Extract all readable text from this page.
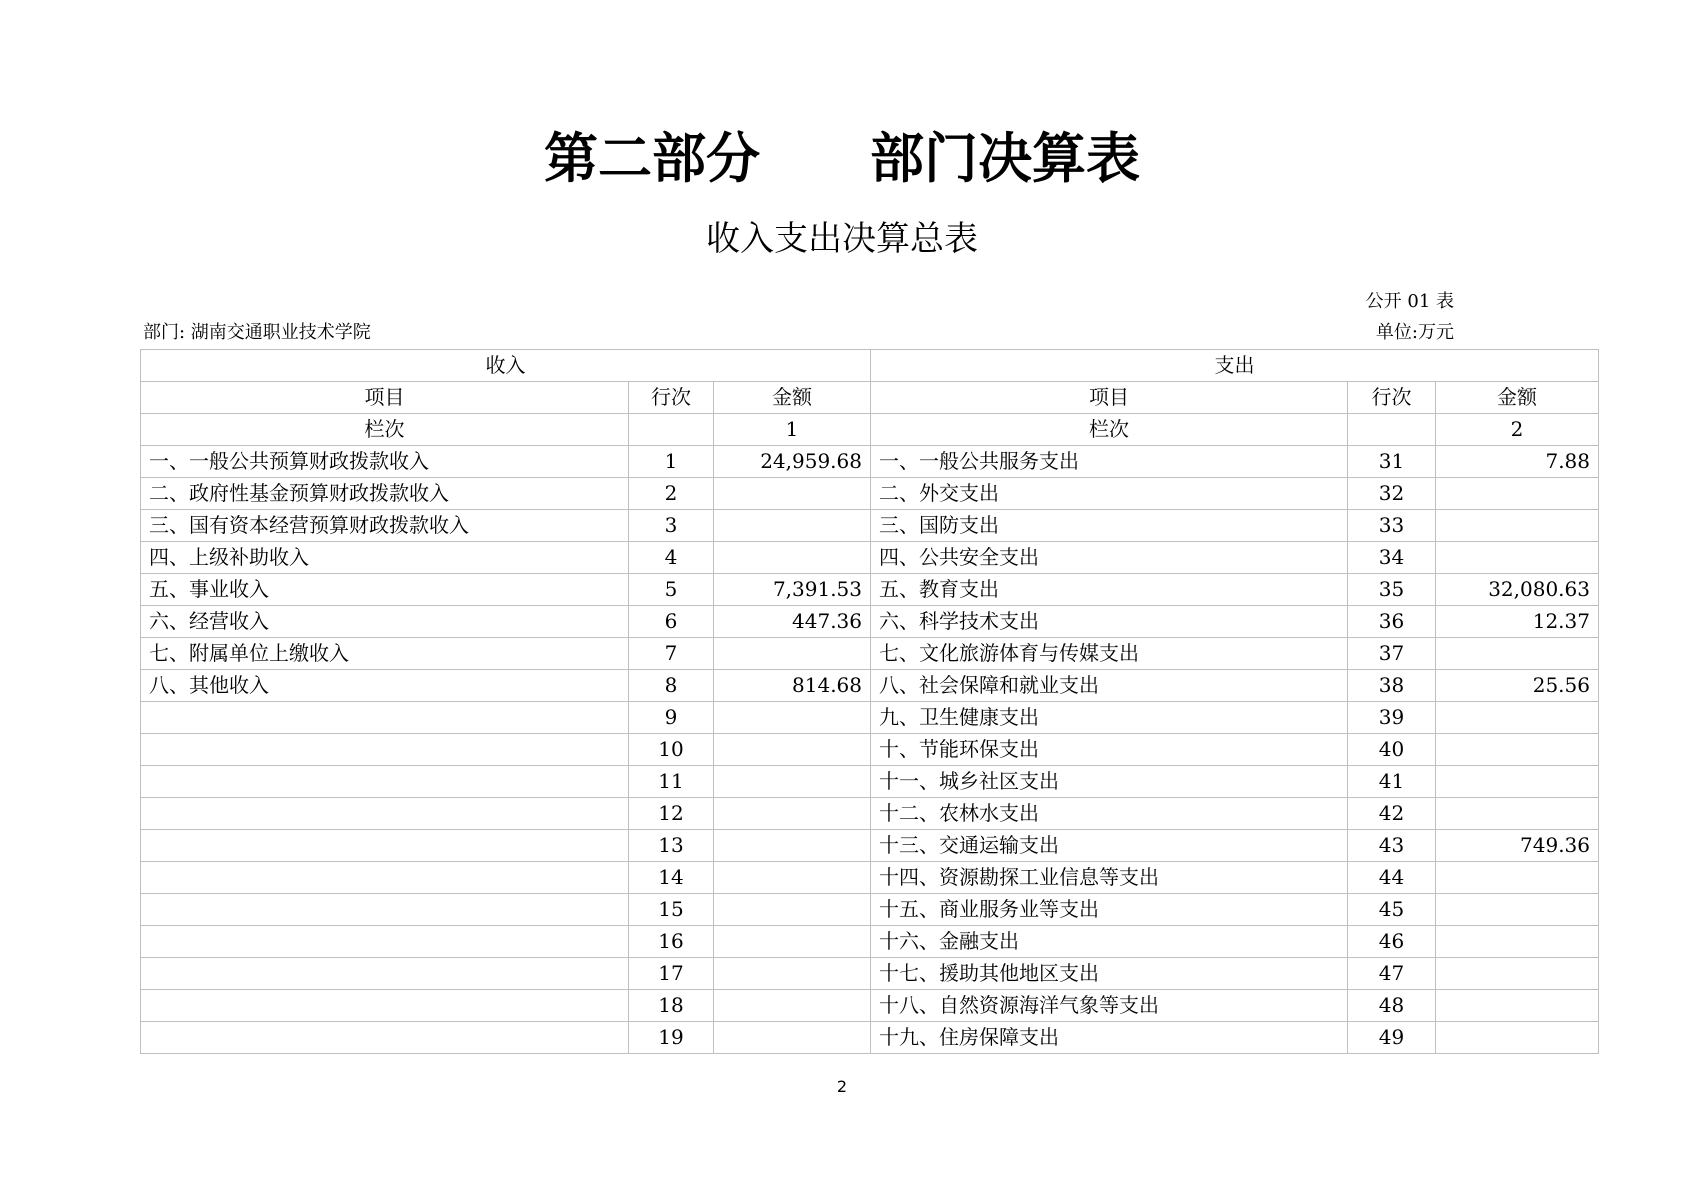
第二部分 部门决算表
收入支出决算总表
公开 01 表
部门: 湖南交通职业技术学院	单位:万元
收入			支出		
项目	行次	金额	项目	行次	金额
栏次		1	栏次		2
一、一般公共预算财政拨款收入	1	24,959.68	一、一般公共服务支出	31	7.88
二、政府性基金预算财政拨款收入	2		二、外交支出	32	
三、国有资本经营预算财政拨款收入	3		三、国防支出	33	
四、上级补助收入	4		四、公共安全支出	34	
五、事业收入	5	7,391.53	五、教育支出	35	32,080.63
六、经营收入	6	447.36	六、科学技术支出	36	12.37
七、附属单位上缴收入	7		七、文化旅游体育与传媒支出	37	
八、其他收入	8	814.68	八、社会保障和就业支出	38	25.56
	9		九、卫生健康支出	39	
	10		十、节能环保支出	40	
	11		十一、城乡社区支出	41	
	12		十二、农林水支出	42	
	13		十三、交通运输支出	43	749.36
	14		十四、资源勘探工业信息等支出	44	
	15		十五、商业服务业等支出	45	
	16		十六、金融支出	46	
	17		十七、援助其他地区支出	47	
	18		十八、自然资源海洋气象等支出	48	
	19		十九、住房保障支出	49	
2
